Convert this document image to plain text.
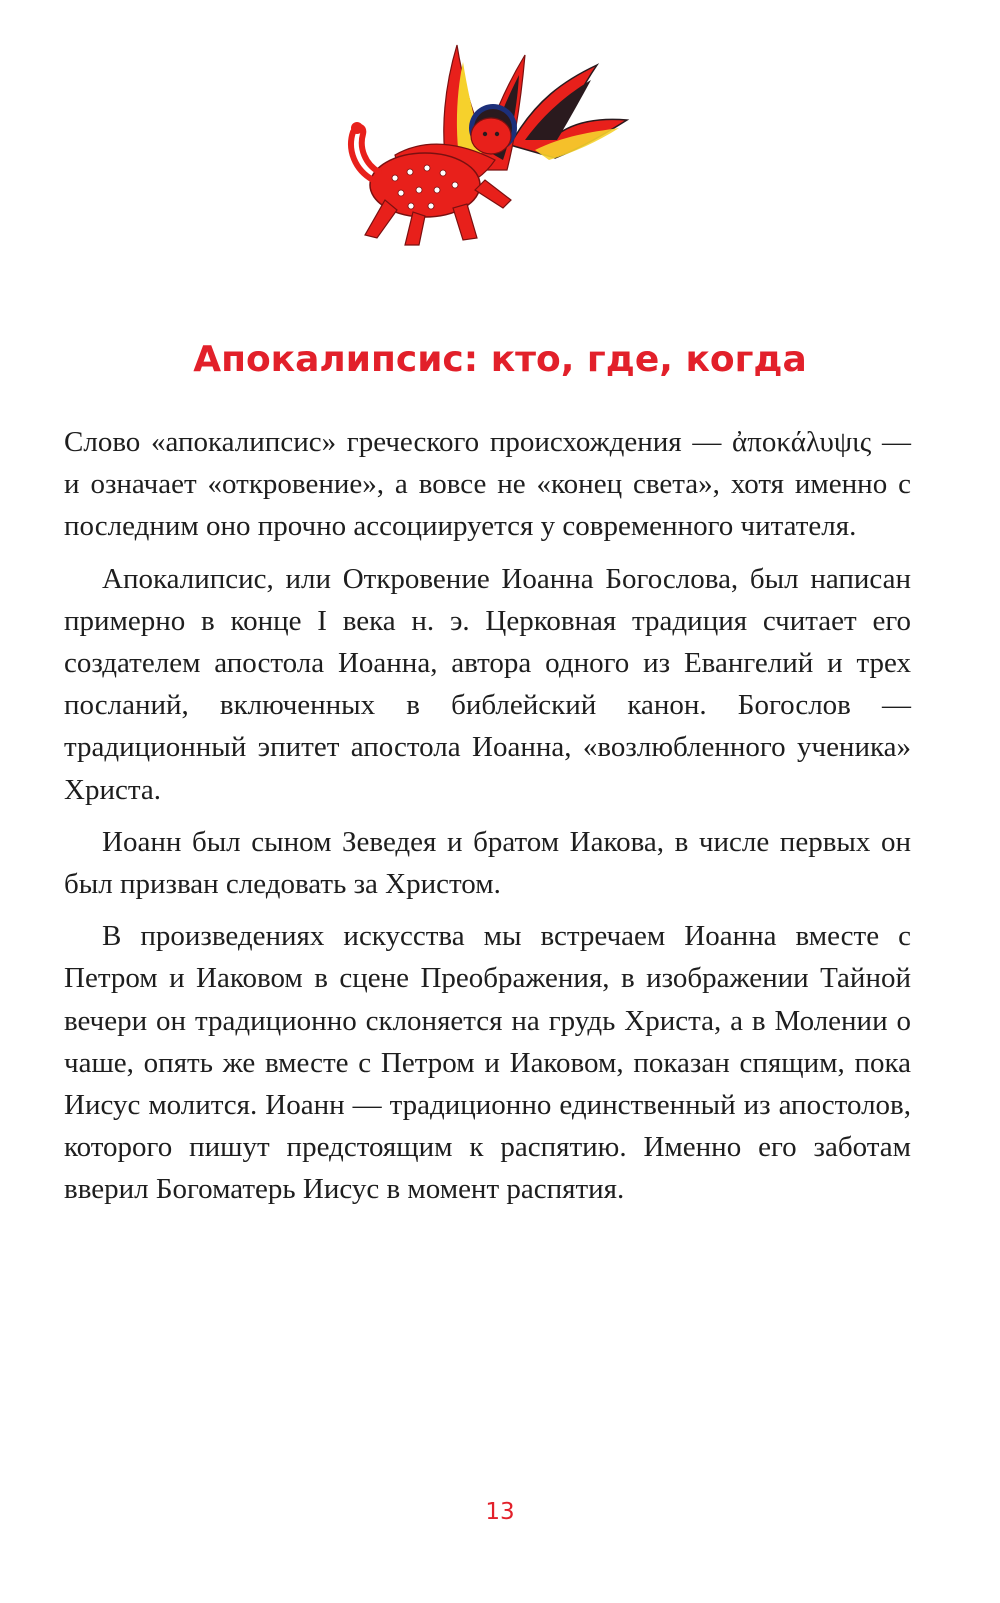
Апокалипсис: кто, где, когда

Слово «апокалипсис» греческого происхождения — ἀποκάλυψις — и означает «откровение», а вовсе не «конец света», хотя именно с последним оно прочно ассоциируется у современного читателя.

Апокалипсис, или Откровение Иоанна Богослова, был написан примерно в конце I века н. э. Церковная традиция считает его создателем апостола Иоанна, автора одного из Евангелий и трех посланий, включенных в библейский канон. Богослов — традиционный эпитет апостола Иоанна, «возлюбленного ученика» Христа.

Иоанн был сыном Зеведея и братом Иакова, в числе первых он был призван следовать за Христом.

В произведениях искусства мы встречаем Иоанна вместе с Петром и Иаковом в сцене Преображения, в изображении Тайной вечери он традиционно склоняется на грудь Христа, а в Молении о чаше, опять же вместе с Петром и Иаковом, показан спящим, пока Иисус молится. Иоанн — традиционно единственный из апостолов, которого пишут предстоящим к распятию. Именно его заботам вверил Богоматерь Иисус в момент распятия.

13
